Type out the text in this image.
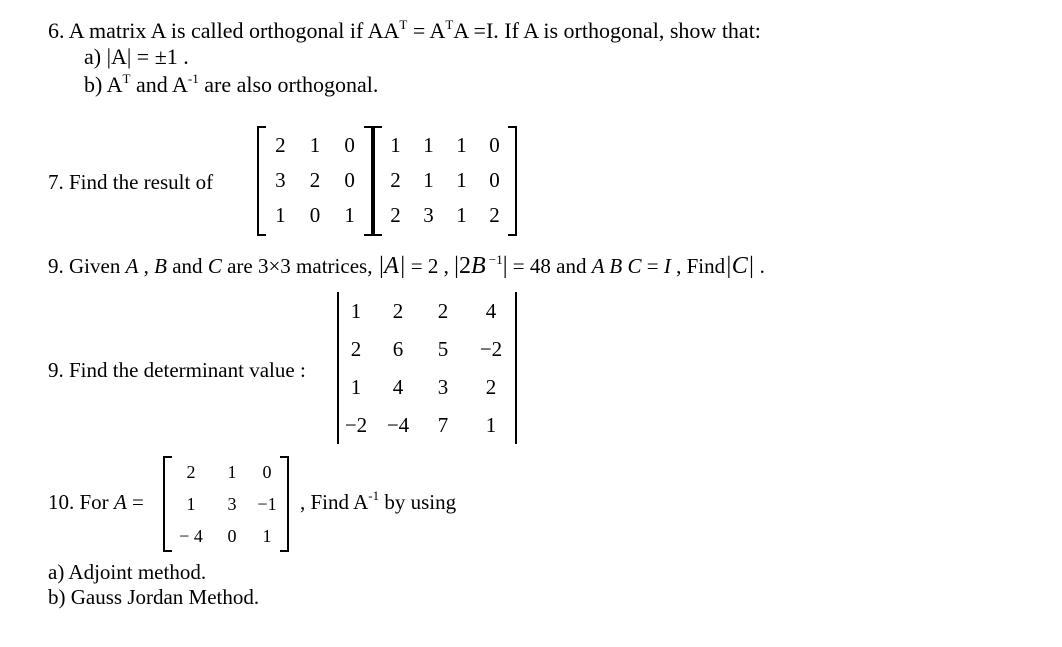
6. A matrix A is called orthogonal if $AA^T = A^TA =I$. If A is orthogonal, show that:
a) |A| = ±1 .
b) $A^T$ and $A^{-1}$ are also orthogonal.
7. Find the result of
2	1	0
3	2	0
1	0	1
1	1	1	0
2	1	1	0
2	3	1	2
9. Given A , B and C are 3×3 matrices, |A| = 2 , |2B $^{-1}$| = 48 and A B C = I , Find|C| .
9. Find the determinant value :
1	2	2	4
2	6	5	−2
1	4	3	2
−2	−4	7	1
10. For A =
2	1	0
1	3	−1
− 4	0	1
, Find $A^{-1}$ by using
a) Adjoint method.
b) Gauss Jordan Method.
